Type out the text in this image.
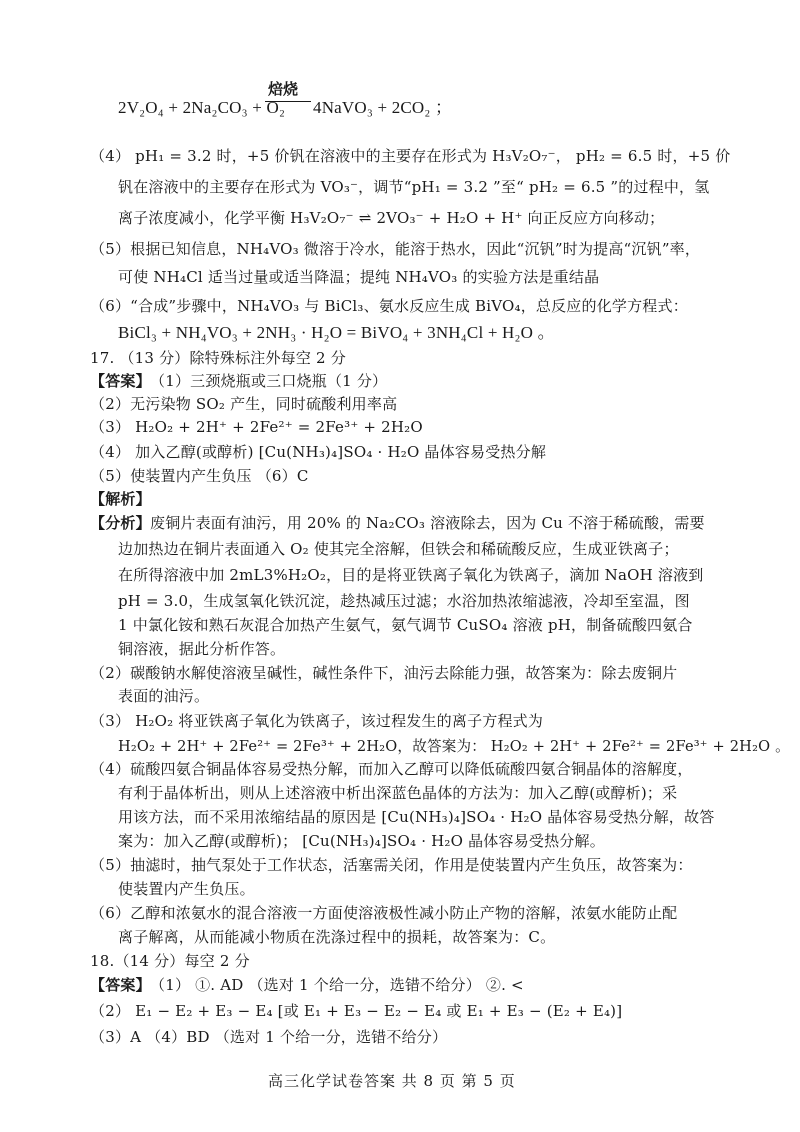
焙烧
2V₂O₄ + 2Na₂CO₃ + O₂ 4NaVO₃ + 2CO₂ ；
（4） pH₁ = 3.2 时，+5 价钒在溶液中的主要存在形式为 H₃V₂O₇⁻， pH₂ = 6.5 时，+5 价
钒在溶液中的主要存在形式为 VO₃⁻，调节“pH₁ = 3.2 ”至“ pH₂ = 6.5 ”的过程中，氢
离子浓度减小，化学平衡 H₃V₂O₇⁻ ⇌ 2VO₃⁻ + H₂O + H⁺ 向正反应方向移动；
（5）根据已知信息，NH₄VO₃ 微溶于冷水，能溶于热水，因此“沉钒”时为提高“沉钒”率，
可使 NH₄Cl 适当过量或适当降温；提纯 NH₄VO₃ 的实验方法是重结晶
（6）“合成”步骤中，NH₄VO₃ 与 BiCl₃、氨水反应生成 BiVO₄，总反应的化学方程式：
BiCl₃ + NH₄VO₃ + 2NH₃ · H₂O = BiVO₄ + 3NH₄Cl + H₂O 。
17. （13 分）除特殊标注外每空 2 分
【答案】 （1）三颈烧瓶或三口烧瓶（1 分）
（2）无污染物 SO₂ 产生，同时硫酸利用率高
（3） H₂O₂ + 2H⁺ + 2Fe²⁺ = 2Fe³⁺ + 2H₂O
（4） 加入乙醇(或醇析) [Cu(NH₃)₄]SO₄ · H₂O 晶体容易受热分解
（5）使装置内产生负压 （6）C
【解析】
【分析】 废铜片表面有油污，用 20% 的 Na₂CO₃ 溶液除去，因为 Cu 不溶于稀硫酸，需要
边加热边在铜片表面通入 O₂ 使其完全溶解，但铁会和稀硫酸反应，生成亚铁离子；
在所得溶液中加 2mL3%H₂O₂，目的是将亚铁离子氧化为铁离子，滴加 NaOH 溶液到
pH = 3.0，生成氢氧化铁沉淀，趁热减压过滤；水浴加热浓缩滤液，冷却至室温，图
1 中氯化铵和熟石灰混合加热产生氨气，氨气调节 CuSO₄ 溶液 pH，制备硫酸四氨合
铜溶液，据此分析作答。
（2）碳酸钠水解使溶液呈碱性，碱性条件下，油污去除能力强，故答案为：除去废铜片
表面的油污。
（3） H₂O₂ 将亚铁离子氧化为铁离子，该过程发生的离子方程式为
H₂O₂ + 2H⁺ + 2Fe²⁺ = 2Fe³⁺ + 2H₂O，故答案为： H₂O₂ + 2H⁺ + 2Fe²⁺ = 2Fe³⁺ + 2H₂O 。
（4）硫酸四氨合铜晶体容易受热分解，而加入乙醇可以降低硫酸四氨合铜晶体的溶解度，
有利于晶体析出，则从上述溶液中析出深蓝色晶体的方法为：加入乙醇(或醇析)；采
用该方法，而不采用浓缩结晶的原因是 [Cu(NH₃)₄]SO₄ · H₂O 晶体容易受热分解，故答
案为：加入乙醇(或醇析)； [Cu(NH₃)₄]SO₄ · H₂O 晶体容易受热分解。
（5）抽滤时，抽气泵处于工作状态，活塞需关闭，作用是使装置内产生负压，故答案为：
使装置内产生负压。
（6）乙醇和浓氨水的混合溶液一方面使溶液极性减小防止产物的溶解，浓氨水能防止配
离子解离，从而能减小物质在洗涤过程中的损耗，故答案为：C。
18.（14 分）每空 2 分
【答案】 （1） ①. AD （选对 1 个给一分，选错不给分） ②. <
（2） E₁ − E₂ + E₃ − E₄ [或 E₁ + E₃ − E₂ − E₄ 或 E₁ + E₃ − (E₂ + E₄)]
（3）A （4）BD （选对 1 个给一分，选错不给分）
高三化学试卷答案 共 8 页 第 5 页
